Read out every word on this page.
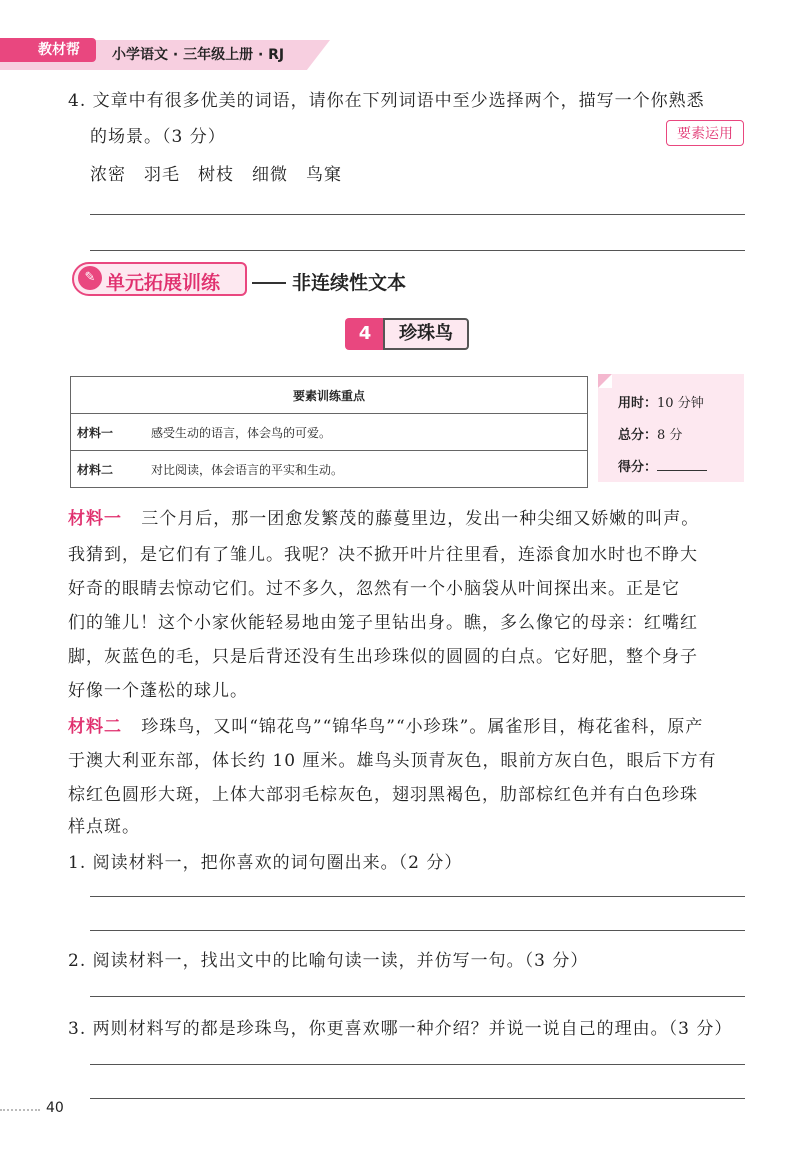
教材帮	小学语文 · 三年级上册 · RJ
4. 文章中有很多优美的词语，请你在下列词语中至少选择两个，描写一个你熟悉
的场景。（3 分）	要素运用
浓密　羽毛　树枝　细微　鸟窠
✎ 单元拓展训练	非连续性文本
4	珍珠鸟
要素训练重点	
材料一	感受生动的语言，体会鸟的可爱。
材料二	对比阅读，体会语言的平实和生动。
用时：10 分钟
总分：8 分
得分：
材料一 三个月后，那一团愈发繁茂的藤蔓里边，发出一种尖细又娇嫩的叫声。
我猜到，是它们有了雏儿。我呢？决不掀开叶片往里看，连添食加水时也不睁大
好奇的眼睛去惊动它们。过不多久，忽然有一个小脑袋从叶间探出来。正是它
们的雏儿！这个小家伙能轻易地由笼子里钻出身。瞧，多么像它的母亲：红嘴红
脚，灰蓝色的毛，只是后背还没有生出珍珠似的圆圆的白点。它好肥，整个身子
好像一个蓬松的球儿。
材料二 珍珠鸟，又叫“锦花鸟”“锦华鸟”“小珍珠”。属雀形目，梅花雀科，原产
于澳大利亚东部，体长约 10 厘米。雄鸟头顶青灰色，眼前方灰白色，眼后下方有
棕红色圆形大斑，上体大部羽毛棕灰色，翅羽黑褐色，肋部棕红色并有白色珍珠
样点斑。
1. 阅读材料一，把你喜欢的词句圈出来。（2 分）
2. 阅读材料一，找出文中的比喻句读一读，并仿写一句。（3 分）
3. 两则材料写的都是珍珠鸟，你更喜欢哪一种介绍？并说一说自己的理由。（3 分）
40
